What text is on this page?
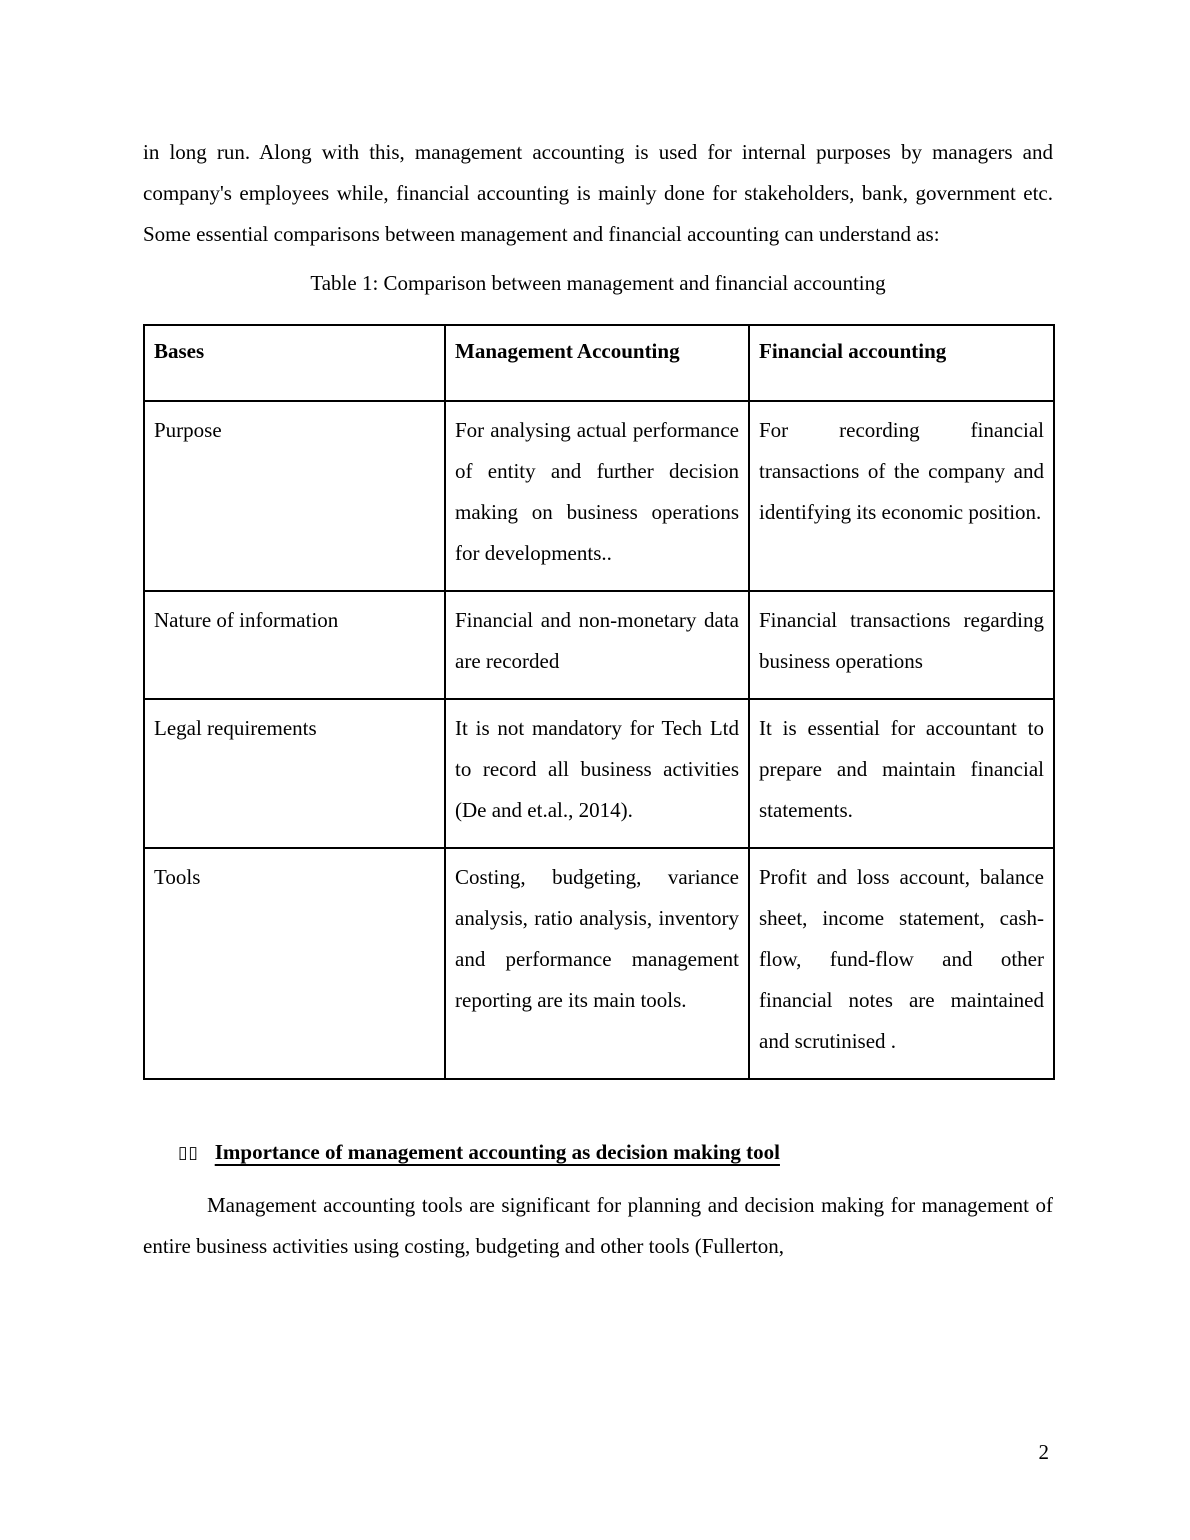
in long run. Along with this, management accounting is used for internal purposes by managers and company's employees while, financial accounting is mainly done for stakeholders, bank, government etc. Some essential comparisons between management and financial accounting can understand as:

Table 1: Comparison between management and financial accounting

Bases	Management Accounting	Financial accounting
Purpose	For analysing actual performance of entity and further decision making on business operations for developments..	For recording financial transactions of the company and identifying its economic position.
Nature of information	Financial and non-monetary data are recorded	Financial transactions regarding business operations
Legal requirements	It is not mandatory for Tech Ltd to record all business activities (De and et.al., 2014).	It is essential for accountant to prepare and maintain financial statements.
Tools	Costing, budgeting, variance analysis, ratio analysis, inventory and performance management reporting are its main tools.	Profit and loss account, balance sheet, income statement, cash-flow, fund-flow and other financial notes are maintained and scrutinised .
▯▯ Importance of management accounting as decision making tool

Management accounting tools are significant for planning and decision making for management of entire business activities using costing, budgeting and other tools (Fullerton,

2
